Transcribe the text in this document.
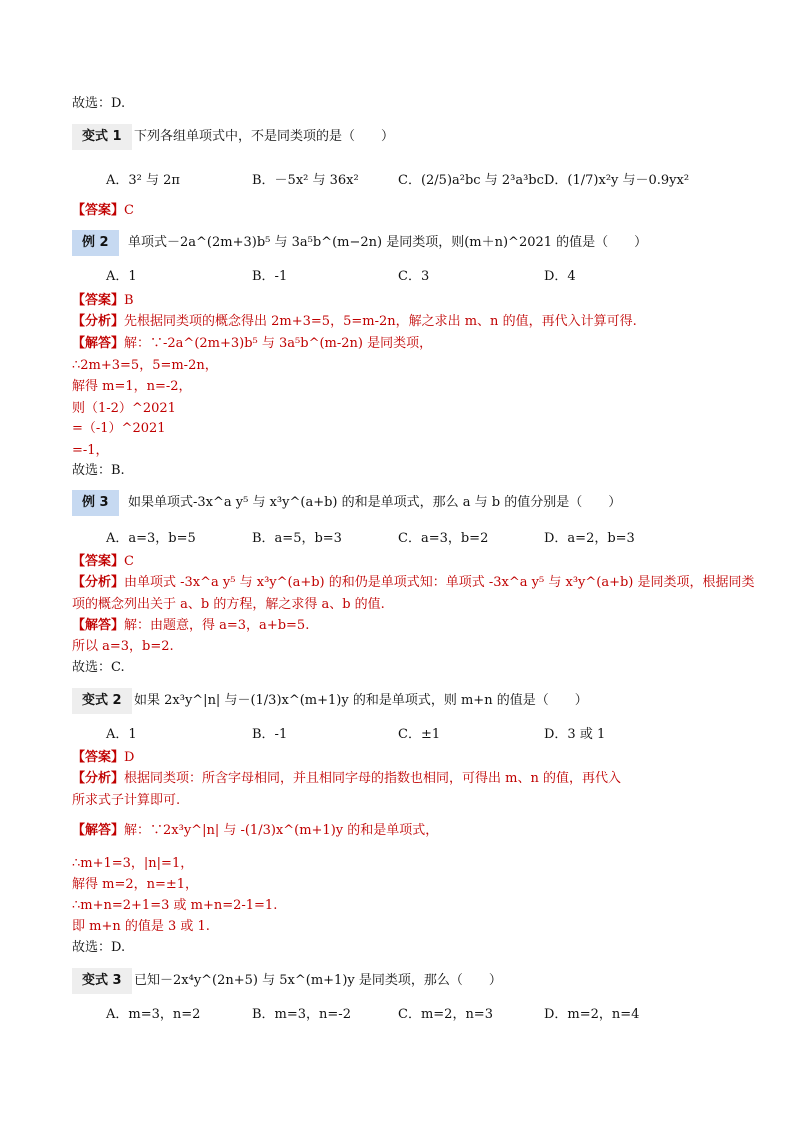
故选：D.
变式 1 下列各组单项式中，不是同类项的是（　　）
A．3² 与 2π	B．－5x² 与 36x²	C．(2/5)a²bc 与 2³a³bc D．(1/7)x²y 与－0.9yx²
【答案】C
例 2	单项式－2a^(2m+3)b⁵ 与 3a⁵b^(m−2n) 是同类项，则(m＋n)^2021 的值是（　　）
A．1	B．-1	C．3	D．4
【答案】B
【分析】先根据同类项的概念得出 2m+3=5，5=m-2n，解之求出 m、n 的值，再代入计算可得.
【解答】解：∵-2a^(2m+3)b⁵ 与 3a⁵b^(m-2n) 是同类项，
∴2m+3=5，5=m-2n，
解得 m=1，n=-2，
则（1-2）^2021
=（-1）^2021
=-1，
故选：B.
例 3	如果单项式-3x^a y⁵ 与 x³y^(a+b) 的和是单项式，那么 a 与 b 的值分别是（　　）
A．a=3，b=5	B．a=5，b=3	C．a=3，b=2	D．a=2，b=3
【答案】C
【分析】由单项式 -3x^a y⁵ 与 x³y^(a+b) 的和仍是单项式知：单项式 -3x^a y⁵ 与 x³y^(a+b) 是同类项，根据同类
项的概念列出关于 a、b 的方程，解之求得 a、b 的值.
【解答】解：由题意，得 a=3，a+b=5.
所以 a=3，b=2.
故选：C.
变式 2 如果 2x³y^|n| 与－(1/3)x^(m+1)y 的和是单项式，则 m+n 的值是（　　）
A．1	B．-1	C．±1	D．3 或 1
【答案】D
【分析】根据同类项：所含字母相同，并且相同字母的指数也相同，可得出 m、n 的值，再代入
所求式子计算即可.
【解答】解：∵2x³y^|n| 与 -(1/3)x^(m+1)y 的和是单项式，
∴m+1=3，|n|=1，
解得 m=2，n=±1，
∴m+n=2+1=3 或 m+n=2-1=1.
即 m+n 的值是 3 或 1.
故选：D.
变式 3 已知－2x⁴y^(2n+5) 与 5x^(m+1)y 是同类项，那么（　　）
A．m=3，n=2	B．m=3，n=-2	C．m=2，n=3	D．m=2，n=4
